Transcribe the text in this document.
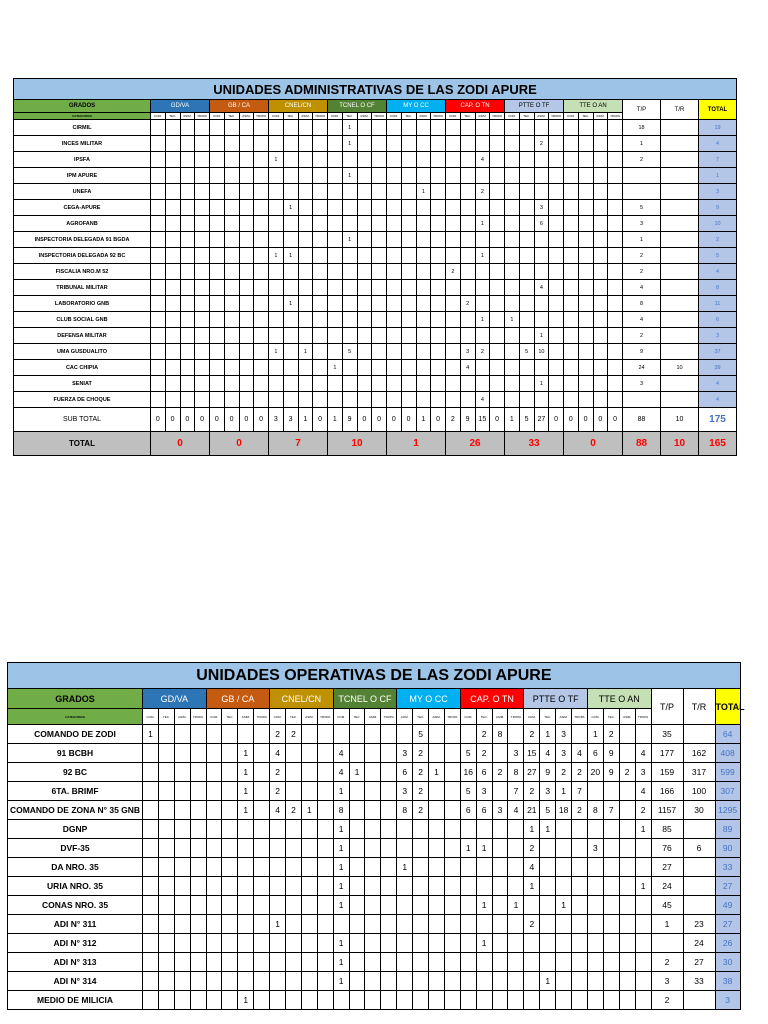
UNIDADES ADMINISTRATIVAS DE LAS ZODI APURE																																			
GRADOS	GD/VA				GB / CA				CNEL/CN				TCNEL O CF				MY O CC				CAP. O TN				PTTE O TF				TTE O AN				T/P	T/R	TOTAL
CATEGORIAS	COM.	TEC.	ASIM.	TROPA	COM.	TEC.	ASIM.	TROPA	COM.	TEC.	ASIM.	TROPA	COM.	TEC.	ASIM.	TROPA	COM.	TEC.	ASIM.	TROPA	COM.	TEC.	ASIM.	TROPA	COM.	TEC.	ASIM.	TROPA	COM.	TEC.	ASIM.	TROPA			
CIRMIL														1																			18		19
INCES MILITAR														1													2						1		4
IPSFA									1														4										2		7
IPM APURE														1																					1
UNEFA																			1				2												3
CEGA-APURE										1																	3						5		9
AGROFANB																							1				6						3		10
INSPECTORIA DELEGADA 91 BGDA														1																			1		2
INSPECTORIA DELEGADA 92 BC									1	1													1										2		5
FISCALIA NRO.M 52																					2												2		4
TRIBUNAL MILITAR																											4						4		8
LABORATORIO GNB										1												2											8		11
CLUB SOCIAL GNB																							1		1								4		6
DEFENSA MILITAR																											1						2		3
UMA GUSDUALITO									1		1			5								3	2			5	10						9		37
CAC CHIPIA													1									4											24	10	39
SENIAT																											1						3		4
FUERZA DE CHOQUE																							4												4
SUB TOTAL	0	0	0	0	0	0	0	0	3	3	1	0	1	9	0	0	0	0	1	0	2	9	15	0	1	5	27	0	0	0	0	0	88	10	175
TOTAL	0				0				7				10				1				26				33				0				88	10	165
UNIDADES OPERATIVAS DE LAS ZODI APURE																																			
GRADOS	GD/VA				GB / CA				CNEL/CN				TCNEL O CF				MY O CC				CAP. O TN				PTTE O TF				TTE O AN				T/P	T/R	TOTAL
CATEGORIAS	COM.	TEC.	ASIM.	TROPA	COM.	TEC.	ASIM.	TROPA	COM.	TEC.	ASIM.	TROPA	COM.	TEC.	ASIM.	TROPA	COM.	TEC.	ASIM.	TROPA	COM.	TEC.	ASIM.	TROPA	COM.	TEC.	ASIM.	TROPA	COM.	TEC.	ASIM.	TROPA			
COMANDO DE ZODI	1								2	2								5				2	8		2	1	3		1	2			35		64
91 BCBH							1		4				4				3	2			5	2		3	15	4	3	4	6	9		4	177	162	408
92 BC							1		2				4	1			6	2	1		16	6	2	8	27	9	2	2	20	9	2	3	159	317	599
6TA. BRIMF							1		2				1				3	2			5	3		7	2	3	1	7				4	166	100	307
COMANDO DE ZONA N° 35 GNB							1		4	2	1		8				8	2			6	6	3	4	21	5	18	2	8	7		2	1157	30	1295
DGNP													1												1	1						1	85		89
DVF-35													1								1	1			2				3				76	6	90
DA NRO. 35													1				1								4								27		33
URIA NRO. 35													1												1							1	24		27
CONAS NRO. 35													1									1		1			1						45		49
ADI N° 311									1																2								1	23	27
ADI N° 312													1									1												24	26
ADI N° 313													1																				2	27	30
ADI N° 314													1													1							3	33	38
MEDIO DE MILICIA							1																										2		3
